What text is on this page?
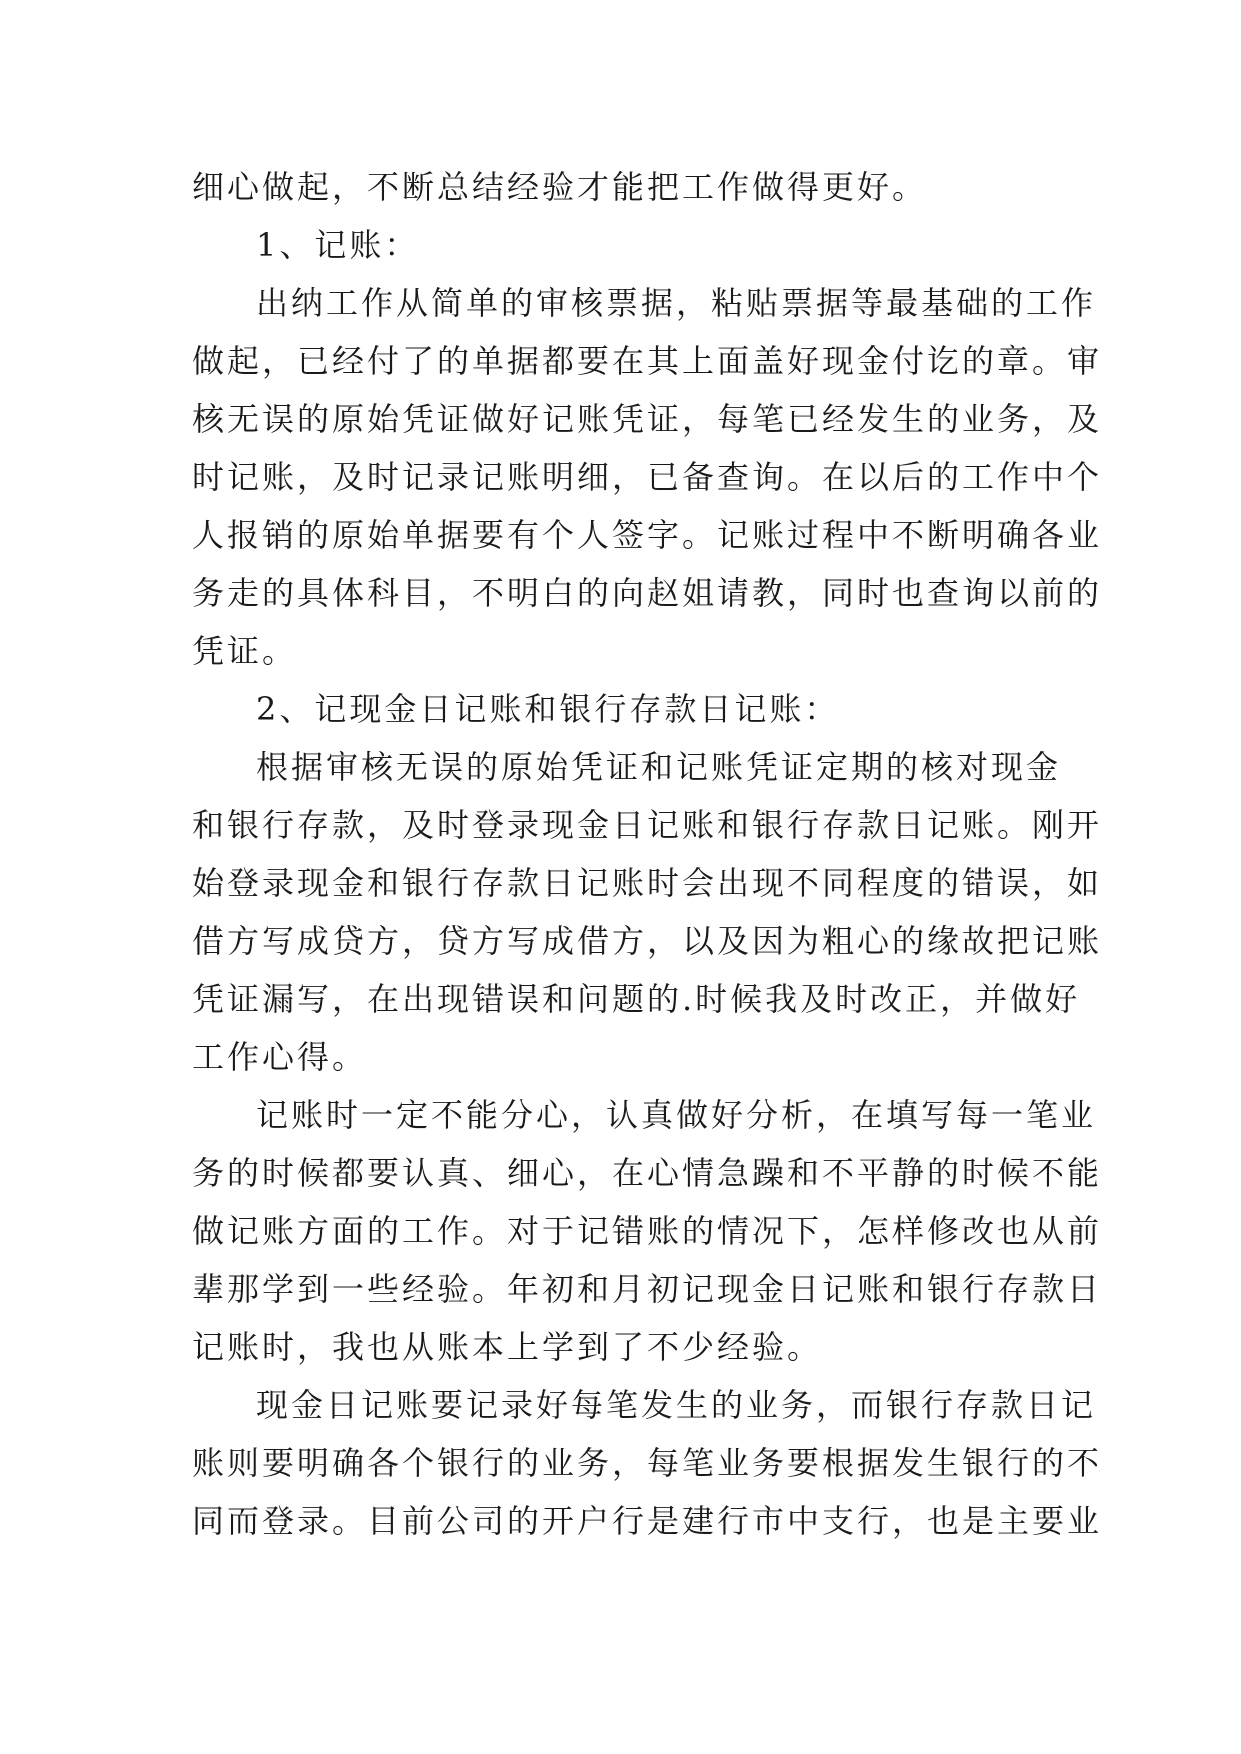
细心做起，不断总结经验才能把工作做得更好。
1、记账：
出纳工作从简单的审核票据，粘贴票据等最基础的工作
做起，已经付了的单据都要在其上面盖好现金付讫的章。审
核无误的原始凭证做好记账凭证，每笔已经发生的业务，及
时记账，及时记录记账明细，已备查询。在以后的工作中个
人报销的原始单据要有个人签字。记账过程中不断明确各业
务走的具体科目，不明白的向赵姐请教，同时也查询以前的
凭证。
2、记现金日记账和银行存款日记账：
根据审核无误的原始凭证和记账凭证定期的核对现金
和银行存款，及时登录现金日记账和银行存款日记账。刚开
始登录现金和银行存款日记账时会出现不同程度的错误，如
借方写成贷方，贷方写成借方，以及因为粗心的缘故把记账
凭证漏写，在出现错误和问题的.时候我及时改正，并做好
工作心得。
记账时一定不能分心，认真做好分析，在填写每一笔业
务的时候都要认真、细心，在心情急躁和不平静的时候不能
做记账方面的工作。对于记错账的情况下，怎样修改也从前
辈那学到一些经验。年初和月初记现金日记账和银行存款日
记账时，我也从账本上学到了不少经验。
现金日记账要记录好每笔发生的业务，而银行存款日记
账则要明确各个银行的业务，每笔业务要根据发生银行的不
同而登录。目前公司的开户行是建行市中支行，也是主要业
